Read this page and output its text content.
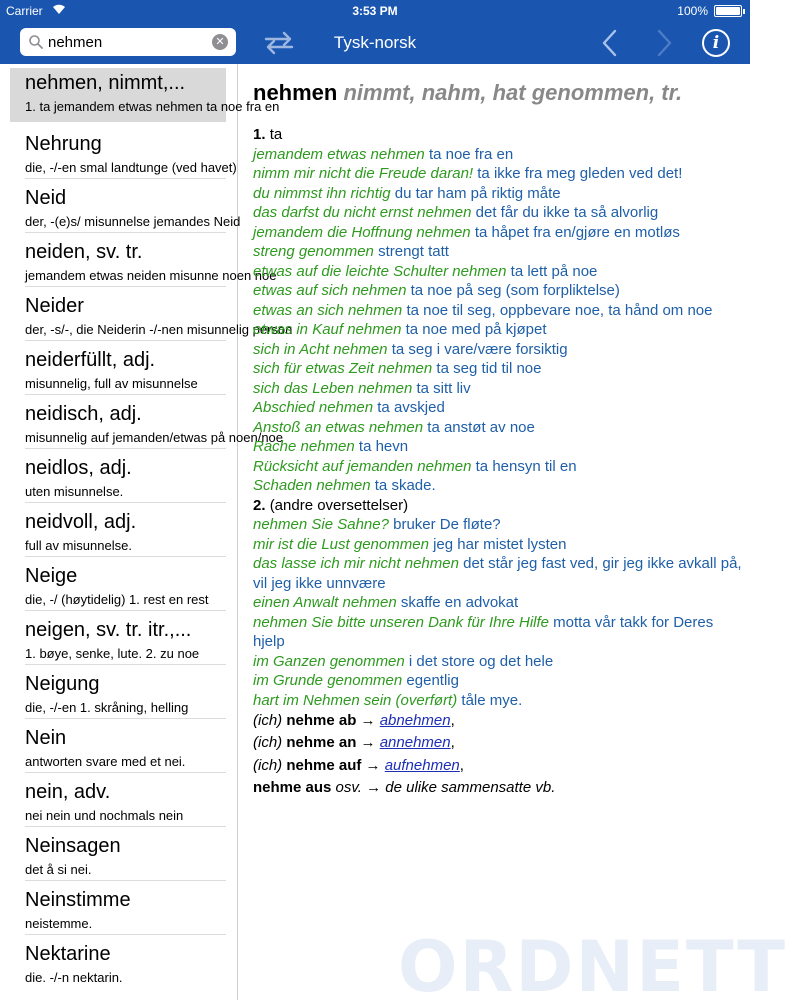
Carrier	3:53 PM	100%
nehmen
✕	Tysk-norsk	i
nehmen, nimmt,...
1. ta jemandem etwas nehmen ta noe fra en
Nehrung
die, -/-en smal landtunge (ved havet)
Neid
der, -(e)s/ misunnelse jemandes Neid
neiden, sv. tr.
jemandem etwas neiden misunne noen noe
Neider
der, -s/-, die Neiderin -/-nen misunnelig person
neiderfüllt, adj.
misunnelig, full av misunnelse
neidisch, adj.
misunnelig auf jemanden/etwas på noen/noe
neidlos, adj.
uten misunnelse.
neidvoll, adj.
full av misunnelse.
Neige
die, -/ (høytidelig) 1. rest en rest
neigen, sv. tr. itr.,...
1. bøye, senke, lute. 2. zu noe
Neigung
die, -/-en 1. skråning, helling
Nein
antworten svare med et nei.
nein, adv.
nei nein und nochmals nein
Neinsagen
det å si nei.
Neinstimme
neistemme.
Nektarine
die. -/-n nektarin.	ORDNETT
nehmen nimmt, nahm, hat genommen, tr.
1. ta
jemandem etwas nehmen ta noe fra en
nimm mir nicht die Freude daran! ta ikke fra meg gleden ved det!
du nimmst ihn richtig du tar ham på riktig måte
das darfst du nicht ernst nehmen det får du ikke ta så alvorlig
jemandem die Hoffnung nehmen ta håpet fra en/gjøre en motløs
streng genommen strengt tatt
etwas auf die leichte Schulter nehmen ta lett på noe
etwas auf sich nehmen ta noe på seg (som forpliktelse)
etwas an sich nehmen ta noe til seg, oppbevare noe, ta hånd om noe
etwas in Kauf nehmen ta noe med på kjøpet
sich in Acht nehmen ta seg i vare/være forsiktig
sich für etwas Zeit nehmen ta seg tid til noe
sich das Leben nehmen ta sitt liv
Abschied nehmen ta avskjed
Anstoß an etwas nehmen ta anstøt av noe
Rache nehmen ta hevn
Rücksicht auf jemanden nehmen ta hensyn til en
Schaden nehmen ta skade.
2. (andre oversettelser)
nehmen Sie Sahne? bruker De fløte?
mir ist die Lust genommen jeg har mistet lysten
das lasse ich mir nicht nehmen det står jeg fast ved, gir jeg ikke avkall på, vil jeg ikke unnvære
einen Anwalt nehmen skaffe en advokat
nehmen Sie bitte unseren Dank für Ihre Hilfe motta vår takk for Deres hjelp
im Ganzen genommen i det store og det hele
im Grunde genommen egentlig
hart im Nehmen sein (overført) tåle mye.
(ich) nehme ab → abnehmen,
(ich) nehme an → annehmen,
(ich) nehme auf → aufnehmen,
nehme aus osv. → de ulike sammensatte vb.
